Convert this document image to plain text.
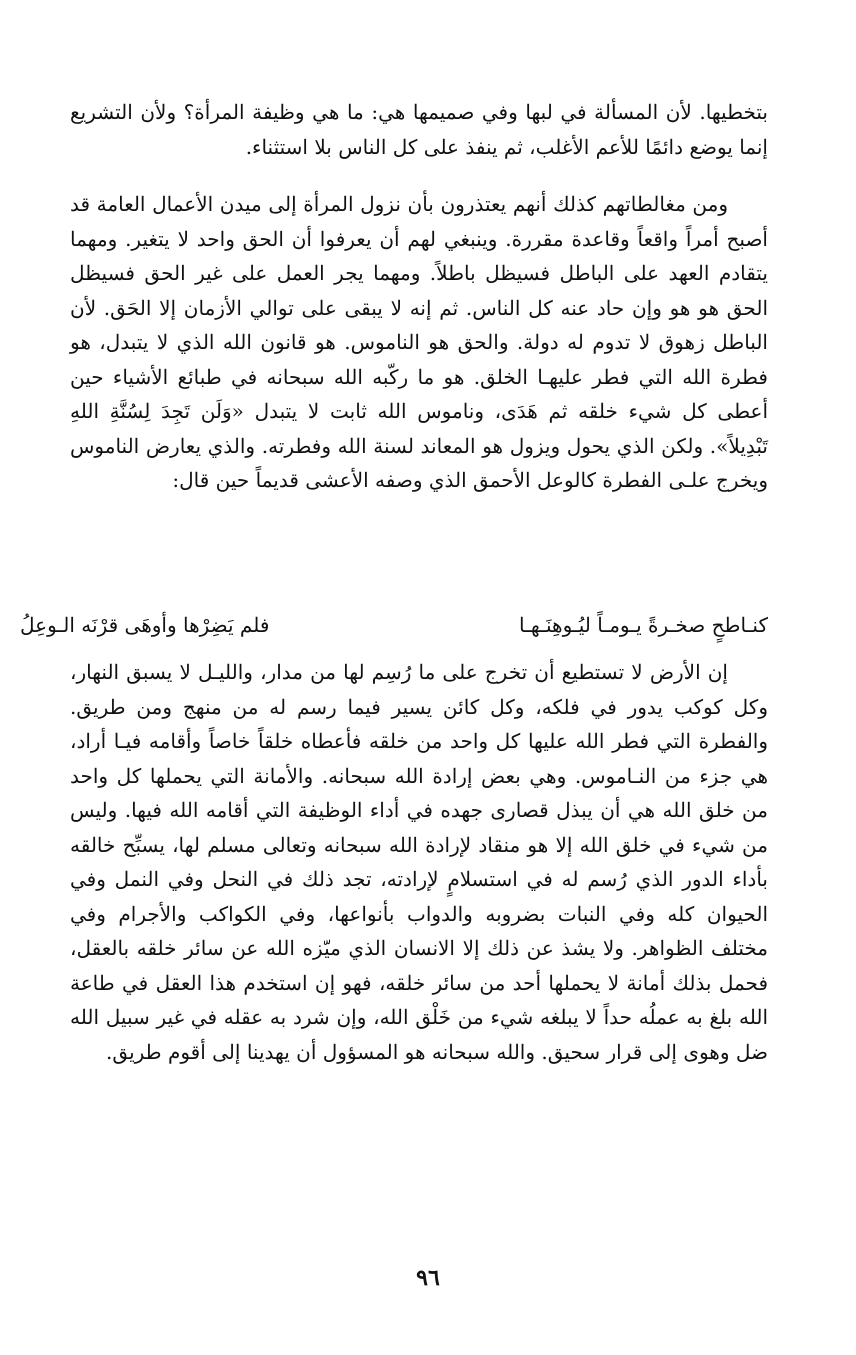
بتخطيها. لأن المسألة في لبها وفي صميمها هي: ما هي وظيفة المرأة؟ ولأن التشريع إنما يوضع دائمًا للأعم الأغلب، ثم ينفذ على كل الناس بلا استثناء.

ومن مغالطاتهم كذلك أنهم يعتذرون بأن نزول المرأة إلى ميدن الأعمال العامة قد أصبح أمراً واقعاً وقاعدة مقررة. وينبغي لهم أن يعرفوا أن الحق واحد لا يتغير. ومهما يتقادم العهد على الباطل فسيظل باطلاً. ومهما يجر العمل على غير الحق فسيظل الحق هو هو وإن حاد عنه كل الناس. ثم إنه لا يبقى على توالي الأزمان إلا الحَق. لأن الباطل زهوق لا تدوم له دولة. والحق هو الناموس. هو قانون الله الذي لا يتبدل، هو فطرة الله التي فطر عليهـا الخلق. هو ما ركّبه الله سبحانه في طبائع الأشياء حين أعطى كل شيء خلقه ثم هَدَى، وناموس الله ثابت لا يتبدل «وَلَن تَجِدَ لِسُنَّةِ اللهِ تَبْدِيلاً». ولكن الذي يحول ويزول هو المعاند لسنة الله وفطرته. والذي يعارض الناموس ويخرج علـى الفطرة كالوعل الأحمق الذي وصفه الأعشى قديماً حين قال:

كنـاطحٍ صخـرةً يـومـاً ليُـوهِنَـهـا
فلم يَضِرْها وأوهَى قرْنَه الـوعِلُ

إن الأرض لا تستطيع أن تخرج على ما رُسِم لها من مدار، والليـل لا يسبق النهار، وكل كوكب يدور في فلكه، وكل كائن يسير فيما رسم له من منهج ومن طريق. والفطرة التي فطر الله عليها كل واحد من خلقه فأعطاه خلقاً خاصاً وأقامه فيـا أراد، هي جزء من النـاموس. وهي بعض إرادة الله سبحانه. والأمانة التي يحملها كل واحد من خلق الله هي أن يبذل قصارى جهده في أداء الوظيفة التي أقامه الله فيها. وليس من شيء في خلق الله إلا هو منقاد لإرادة الله سبحانه وتعالى مسلم لها، يسبِّح خالقه بأداء الدور الذي رُسم له في استسلامٍ لإرادته، تجد ذلك في النحل وفي النمل وفي الحيوان كله وفي النبات بضروبه والدواب بأنواعها، وفي الكواكب والأجرام وفي مختلف الظواهر. ولا يشذ عن ذلك إلا الانسان الذي ميّزه الله عن سائر خلقه بالعقل، فحمل بذلك أمانة لا يحملها أحد من سائر خلقه، فهو إن استخدم هذا العقل في طاعة الله بلغ به عملُه حداً لا يبلغه شيء من خَلْق الله، وإن شرد به عقله في غير سبيل الله ضل وهوى إلى قرار سحيق. والله سبحانه هو المسؤول أن يهدينا إلى أقوم طريق.

٩٦
